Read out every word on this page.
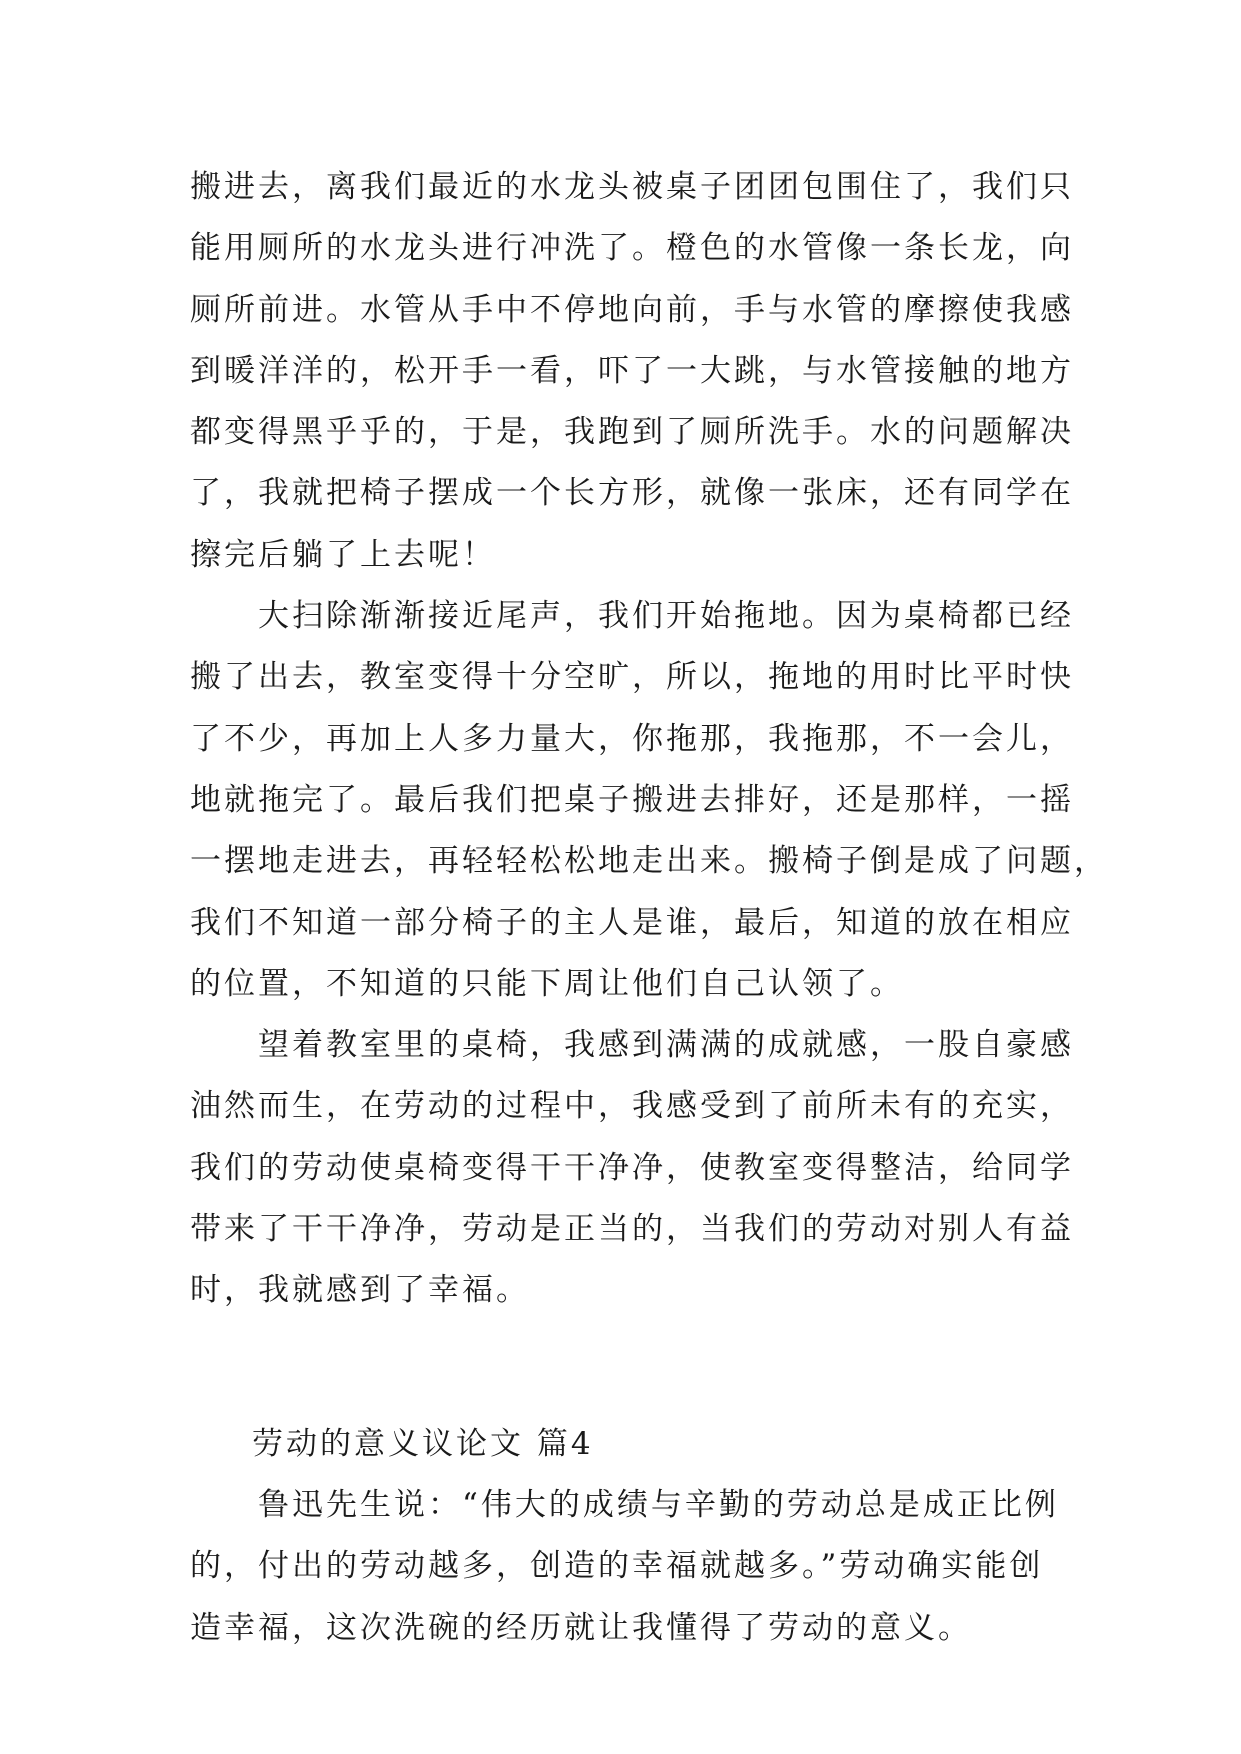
搬进去，离我们最近的水龙头被桌子团团包围住了，我们只
能用厕所的水龙头进行冲洗了。橙色的水管像一条长龙，向
厕所前进。水管从手中不停地向前，手与水管的摩擦使我感
到暖洋洋的，松开手一看，吓了一大跳，与水管接触的地方
都变得黑乎乎的，于是，我跑到了厕所洗手。水的问题解决
了，我就把椅子摆成一个长方形，就像一张床，还有同学在
擦完后躺了上去呢！
　　大扫除渐渐接近尾声，我们开始拖地。因为桌椅都已经
搬了出去，教室变得十分空旷，所以，拖地的用时比平时快
了不少，再加上人多力量大，你拖那，我拖那，不一会儿，
地就拖完了。最后我们把桌子搬进去排好，还是那样，一摇
一摆地走进去，再轻轻松松地走出来。搬椅子倒是成了问题，
我们不知道一部分椅子的主人是谁，最后，知道的放在相应
的位置，不知道的只能下周让他们自己认领了。
　　望着教室里的桌椅，我感到满满的成就感，一股自豪感
油然而生，在劳动的过程中，我感受到了前所未有的充实，
我们的劳动使桌椅变得干干净净，使教室变得整洁，给同学
带来了干干净净，劳动是正当的，当我们的劳动对别人有益
时，我就感到了幸福。
劳动的意义议论文 篇4
　　鲁迅先生说：“伟大的成绩与辛勤的劳动总是成正比例
的，付出的劳动越多，创造的幸福就越多。”劳动确实能创
造幸福，这次洗碗的经历就让我懂得了劳动的意义。
